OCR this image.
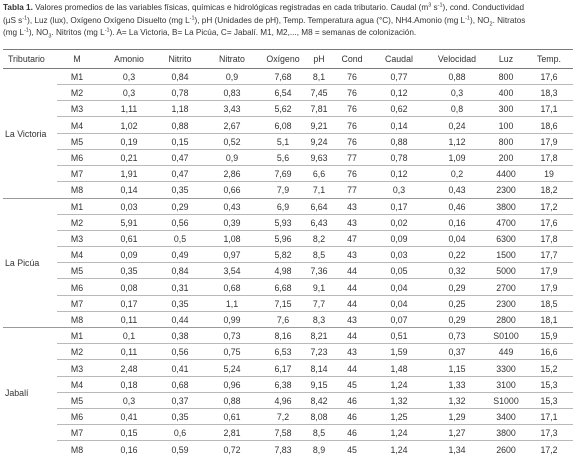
Tabla 1. Valores promedios de las variables físicas, químicas e hidrológicas registradas en cada tributario. Caudal ($m^3$ $s^{-1}$), cond. Conductividad
(µS $s^{-1}$), Luz (lux), Oxígeno Oxígeno Disuelto (mg $L^{-1}$), pH (Unidades de pH), Temp. Temperatura agua (°C), NH4.Amonio (mg $L^{-1}$), $NO_2$. Nitratos
(mg $L^{-1}$), $NO_3$. Nitritos (mg $L^{-1}$). A= La Victoria, B= La Picúa, C= Jabalí. M1, M2,..., M8 = semanas de colonización.
Tributario	M	Amonio	Nitrito	Nitrato	Oxígeno	pH	Cond	Caudal	Velocidad	Luz	Temp.
La Victoria
M1	0,3	0,84	0,9	7,68	8,1	76	0,77	0,88	800	17,6
M2	0,3	0,78	0,83	6,54	7,45	76	0,12	0,3	400	18,3
M3	1,11	1,18	3,43	5,62	7,81	76	0,62	0,8	300	17,1
M4	1,02	0,88	2,67	6,08	9,21	76	0,14	0,24	100	18,6
M5	0,19	0,15	0,52	5,1	9,24	76	0,88	1,12	800	17,9
M6	0,21	0,47	0,9	5,6	9,63	77	0,78	1,09	200	17,8
M7	1,91	0,47	2,86	7,69	6,6	76	0,12	0,2	4400	19
M8	0,14	0,35	0,66	7,9	7,1	77	0,3	0,43	2300	18,2
La Picúa
M1	0,03	0,29	0,43	6,9	6,64	43	0,17	0,46	3800	17,2
M2	5,91	0,56	0,39	5,93	6,43	43	0,02	0,16	4700	17,6
M3	0,61	0,5	1,08	5,96	8,2	47	0,09	0,04	6300	17,8
M4	0,09	0,49	0,97	5,82	8,5	43	0,03	0,22	1500	17,7
M5	0,35	0,84	3,54	4,98	7,36	44	0,05	0,32	5000	17,9
M6	0,08	0,31	0,68	6,68	9,1	44	0,04	0,29	2700	17,9
M7	0,17	0,35	1,1	7,15	7,7	44	0,04	0,25	2300	18,5
M8	0,11	0,44	0,99	7,6	8,3	43	0,07	0,29	2800	18,1
Jabalí
M1	0,1	0,38	0,73	8,16	8,21	44	0,51	0,73	S0100	15,9
M2	0,11	0,56	0,75	6,53	7,23	43	1,59	0,37	449	16,6
M3	2,48	0,41	5,24	6,17	8,14	44	1,48	1,15	3300	15,2
M4	0,18	0,68	0,96	6,38	9,15	45	1,24	1,33	3100	15,3
M5	0,3	0,37	0,88	4,96	8,42	46	1,32	1,32	S1000	15,3
M6	0,41	0,35	0,61	7,2	8,08	46	1,25	1,29	3400	17,1
M7	0,15	0,6	2,81	7,58	8,5	46	1,24	1,27	3800	17,3
M8	0,16	0,59	0,72	7,83	8,9	45	1,24	1,34	2600	17,2
